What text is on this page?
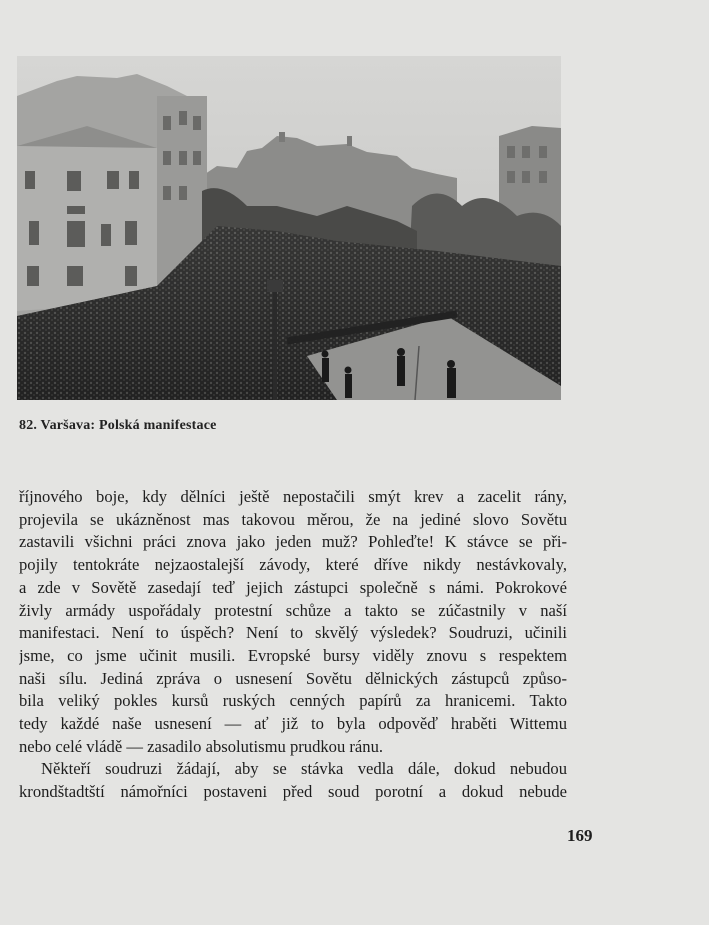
82. Varšava: Polská manifestace
říjnového boje, kdy dělníci ještě nepostačili smýt krev a zacelit rány,
projevila se ukázněnost mas takovou měrou, že na jediné slovo Sovětu
zastavili všichni práci znova jako jeden muž? Pohleďte! K stávce se při-
pojily tentokráte nejzaostalejší závody, které dříve nikdy nestávkovaly,
a zde v Sovětě zasedají teď jejich zástupci společně s námi. Pokrokové
živly armády uspořádaly protestní schůze a takto se zúčastnily v naší
manifestaci. Není to úspěch? Není to skvělý výsledek? Soudruzi, učinili
jsme, co jsme učinit musili. Evropské bursy viděly znovu s respektem
naši sílu. Jediná zpráva o usnesení Sovětu dělnických zástupců způso-
bila veliký pokles kursů ruských cenných papírů za hranicemi. Takto
tedy každé naše usnesení — ať již to byla odpověď hraběti Wittemu
nebo celé vládě — zasadilo absolutismu prudkou ránu.
Někteří soudruzi žádají, aby se stávka vedla dále, dokud nebudou
krondštadtští námořníci postaveni před soud porotní a dokud nebude
169
